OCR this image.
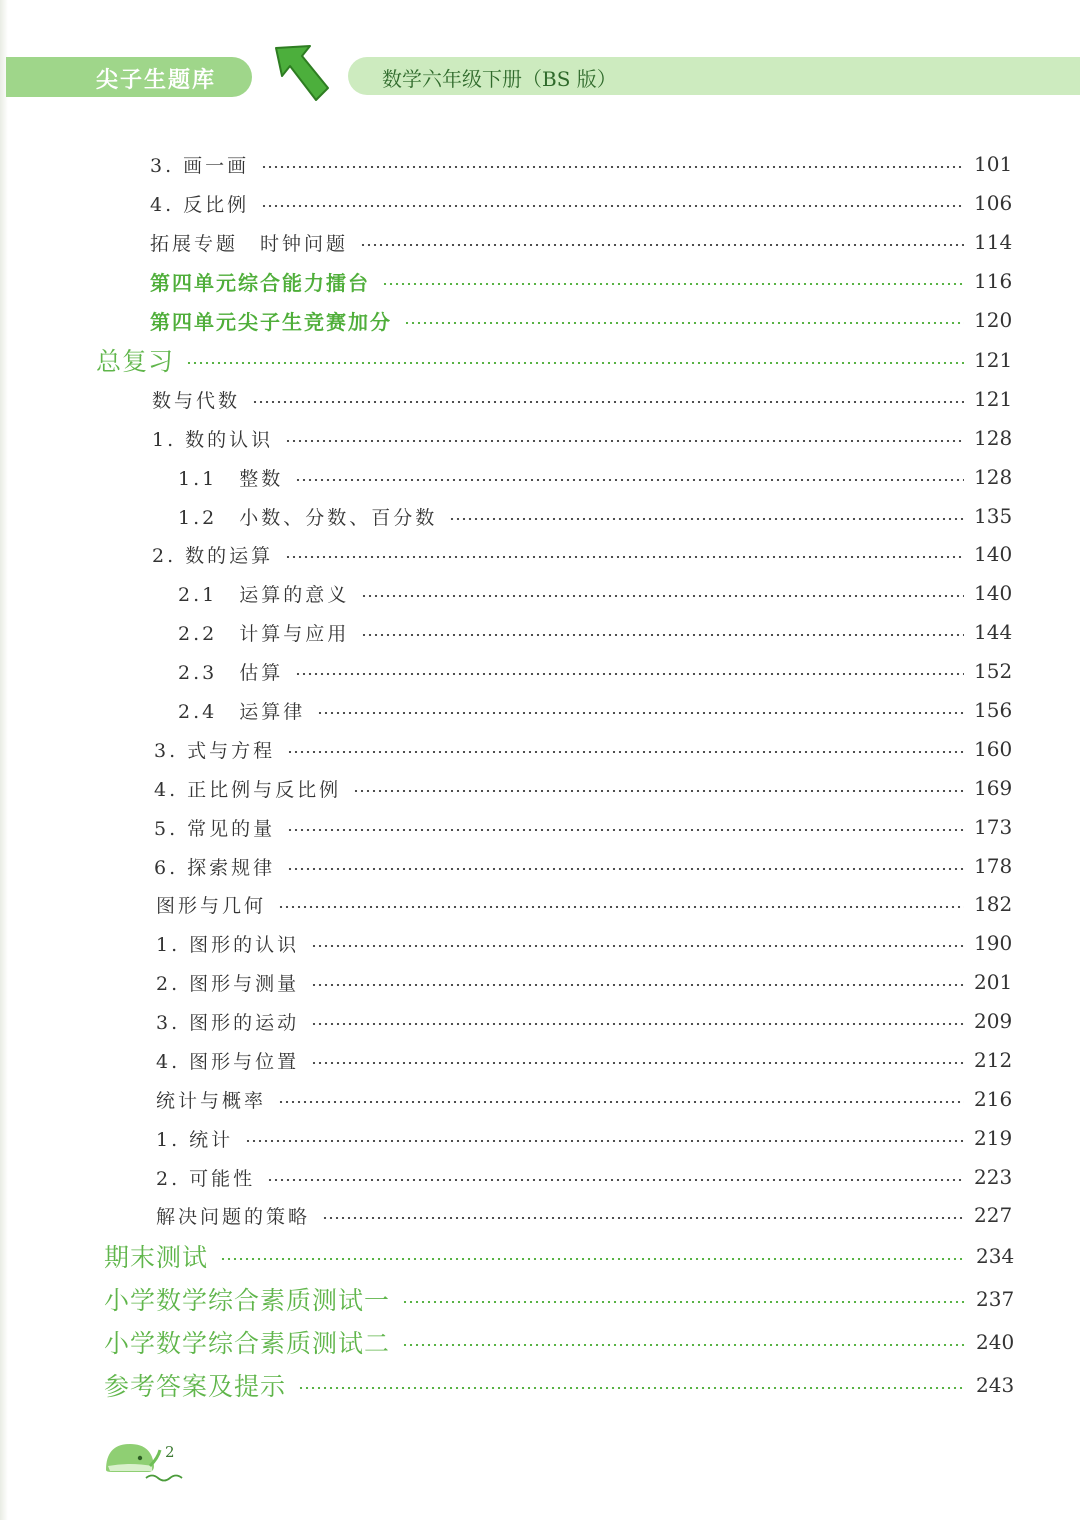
尖子生题库	数学六年级下册（BS 版）
3. 画一画	101
4. 反比例	106
拓展专题　时钟问题	114
第四单元综合能力擂台	116
第四单元尖子生竞赛加分	120
总复习	121
数与代数	121
1. 数的认识	128
1.1　整数	128
1.2　小数、分数、百分数	135
2. 数的运算	140
2.1　运算的意义	140
2.2　计算与应用	144
2.3　估算	152
2.4　运算律	156
3. 式与方程	160
4. 正比例与反比例	169
5. 常见的量	173
6. 探索规律	178
图形与几何	182
1. 图形的认识	190
2. 图形与测量	201
3. 图形的运动	209
4. 图形与位置	212
统计与概率	216
1. 统计	219
2. 可能性	223
解决问题的策略	227
期末测试	234
小学数学综合素质测试一	237
小学数学综合素质测试二	240
参考答案及提示	243
2
